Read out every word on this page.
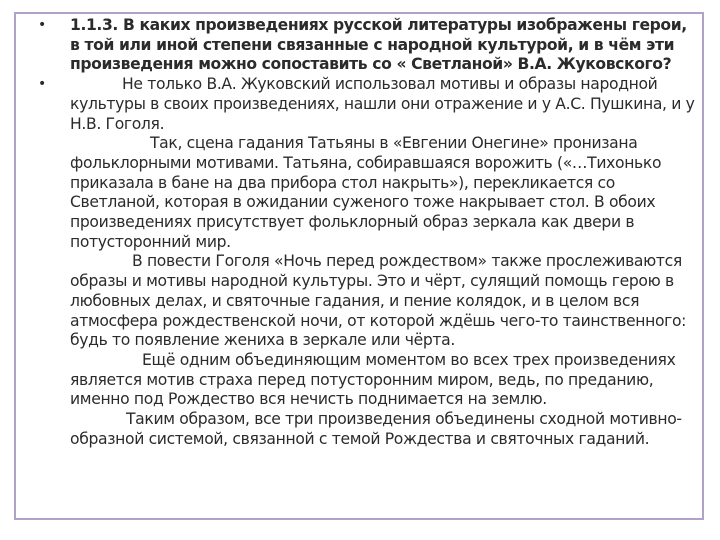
• 1.1.3. В каких произведениях русской литературы изображены герои, в той или иной степени связанные с народной культурой, и в чём эти произведения можно сопоставить со « Светланой» В.А. Жуковского?
•	Не только В.А. Жуковский использовал мотивы и образы народной культуры в своих произведениях, нашли они отражение и у А.С. Пушкина, и у Н.В. Гоголя.
Так, сцена гадания Татьяны в «Евгении Онегине» пронизана фольклорными мотивами. Татьяна, собиравшаяся ворожить («…Тихонько приказала в бане на два прибора стол накрыть»), перекликается со Светланой, которая в ожидании суженого тоже накрывает стол. В обоих произведениях присутствует фольклорный образ зеркала как двери в потусторонний мир.
В повести Гоголя «Ночь перед рождеством» также прослеживаются образы и мотивы народной культуры. Это и чёрт, сулящий помощь герою в любовных делах, и святочные гадания, и пение колядок, и в целом вся атмосфера рождественской ночи, от которой ждёшь чего-то таинственного: будь то появление жениха в зеркале или чёрта.
Ещё одним объединяющим моментом во всех трех произведениях является мотив страха перед потусторонним миром, ведь, по преданию, именно под Рождество вся нечисть поднимается на землю.
Таким образом, все три произведения объединены сходной мотивно-образной системой, связанной с темой Рождества и святочных гаданий.
